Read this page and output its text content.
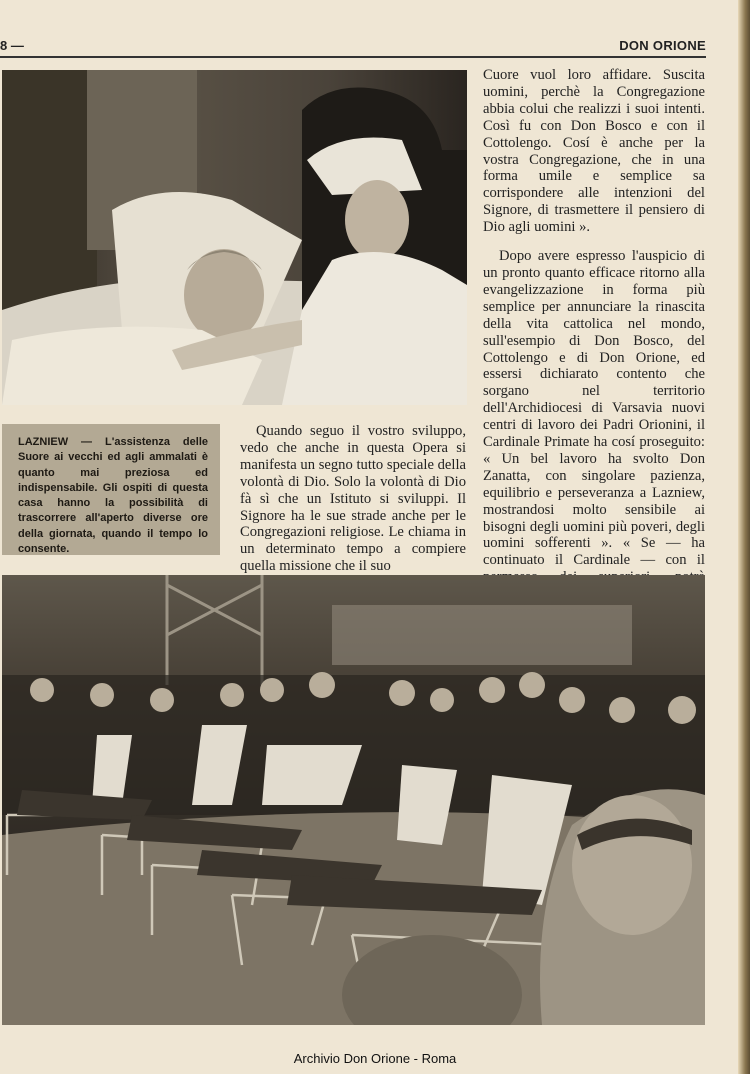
8 —	DON ORIONE
LAZNIEW — L'assistenza delle Suore ai vecchi ed agli ammalati è quanto mai preziosa ed indispensabile. Gli ospiti di questa casa hanno la possibilità di trascorrere all'aperto diverse ore della giornata, quando il tempo lo consente.

Quando seguo il vostro sviluppo, vedo che anche in questa Opera si manifesta un segno tutto speciale della volontà di Dio. Solo la volontà di Dio fà sì che un Istituto si sviluppi. Il Signore ha le sue strade anche per le Congregazioni religiose. Le chiama in un determinato tempo a compiere quella missione che il suo

Cuore vuol loro affidare. Suscita uomini, perchè la Congregazione abbia colui che realizzi i suoi intenti. Così fu con Don Bosco e con il Cottolengo. Cosí è anche per la vostra Congregazione, che in una forma umile e semplice sa corrispondere alle intenzioni del Signore, di trasmettere il pensiero di Dio agli uomini ».

Dopo avere espresso l'auspicio di un pronto quanto efficace ritorno alla evangelizzazione in forma più semplice per annunciare la rinascita della vita cattolica nel mondo, sull'esempio di Don Bosco, del Cottolengo e di Don Orione, ed essersi dichiarato contento che sorgano nel territorio dell'Archidiocesi di Varsavia nuovi centri di lavoro dei Padri Orionini, il Cardinale Primate ha cosí proseguito: « Un bel lavoro ha svolto Don Zanatta, con singolare pazienza, equilibrio e perseveranza a Lazniew, mostrandosi molto sensibile ai bisogni degli uomini più poveri, degli uomini sofferenti ». « Se — ha continuato il Cardinale — con il

Archivio Don Orione - Roma
